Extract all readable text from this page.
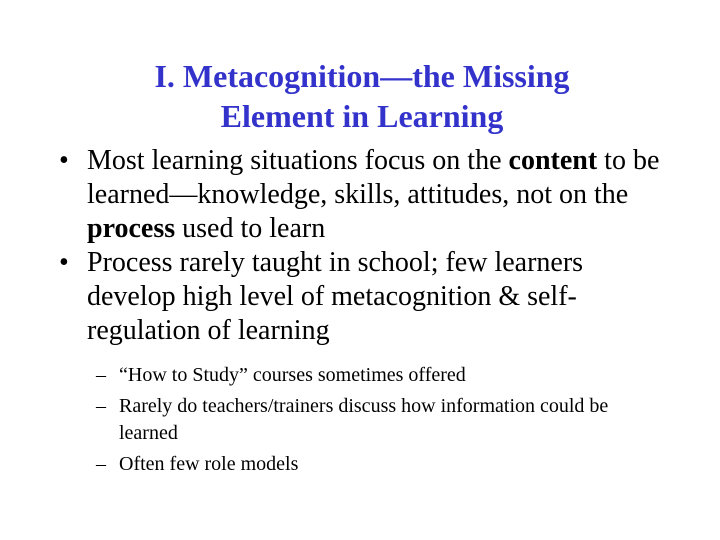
I. Metacognition—the Missing
Element in Learning
• Most learning situations focus on the content to be learned—knowledge, skills, attitudes, not on the process used to learn
• Process rarely taught in school; few learners develop high level of metacognition & self-regulation of learning
– “How to Study” courses sometimes offered
– Rarely do teachers/trainers discuss how information could be learned
– Often few role models
